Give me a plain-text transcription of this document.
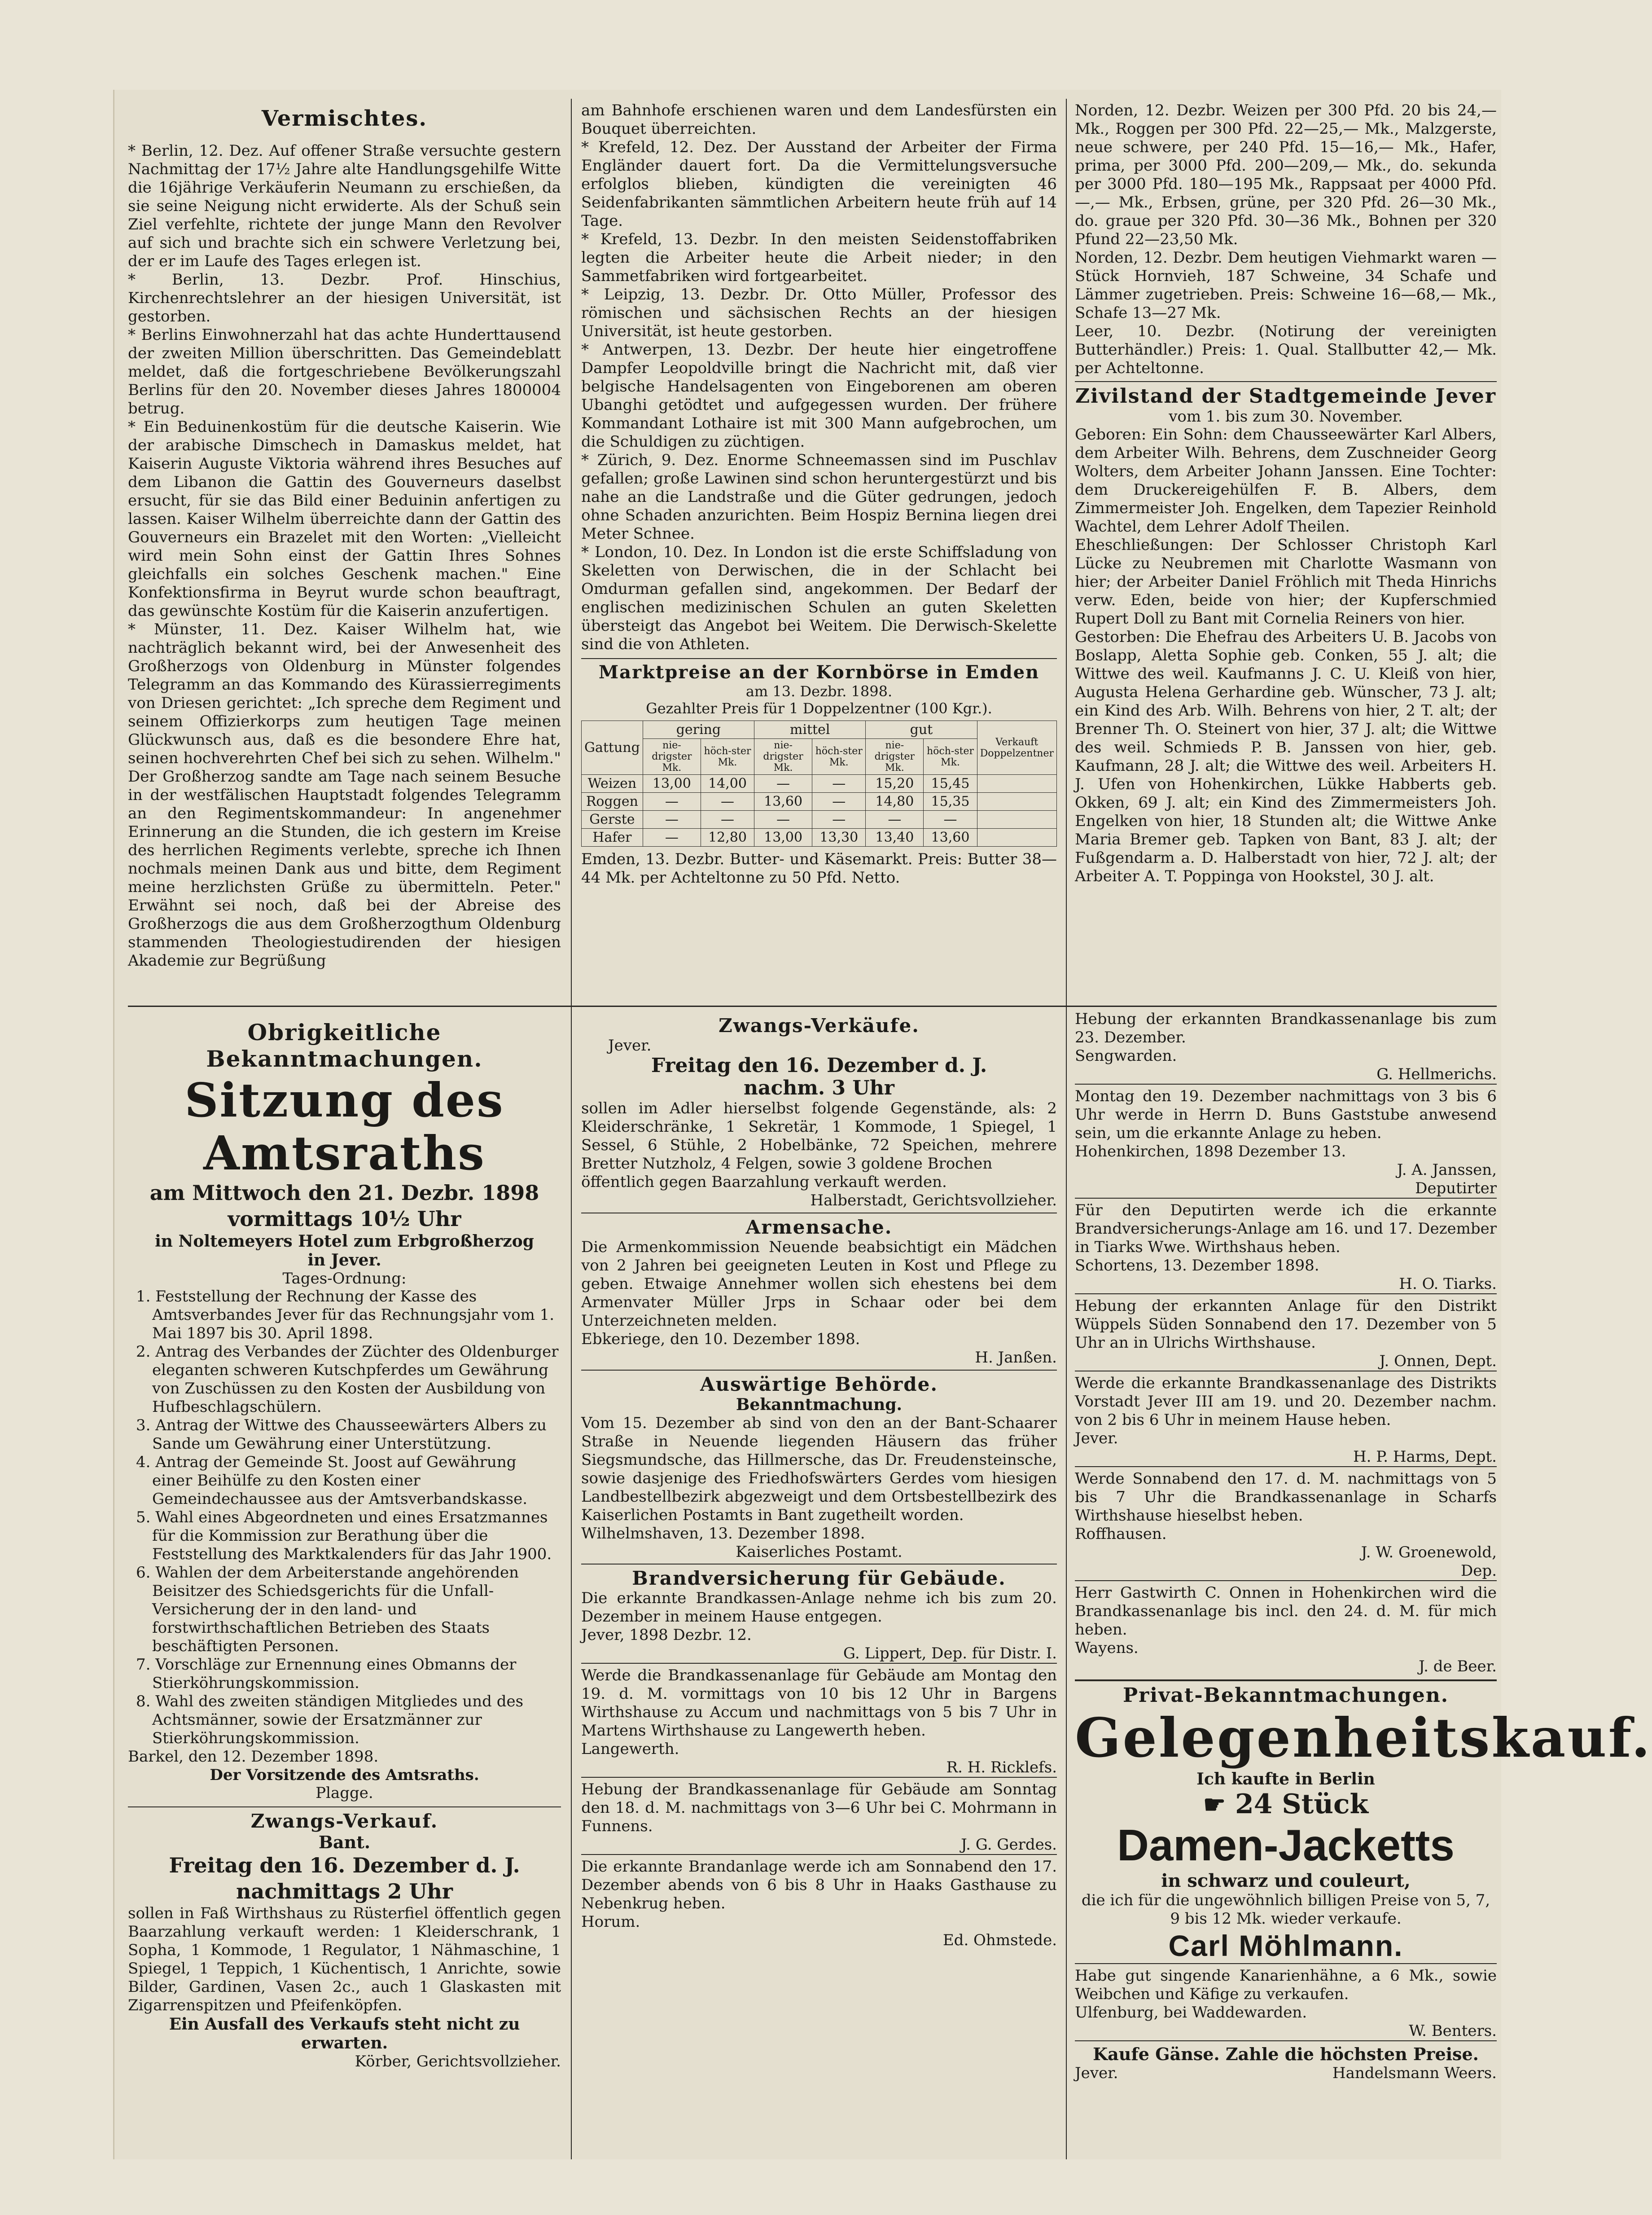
Vermischtes.

* Berlin, 12. Dez. Auf offener Straße versuchte gestern Nachmittag der 17½ Jahre alte Handlungsgehilfe Witte die 16jährige Verkäuferin Neumann zu erschießen, da sie seine Neigung nicht erwiderte. Als der Schuß sein Ziel verfehlte, richtete der junge Mann den Revolver auf sich und brachte sich ein schwere Verletzung bei, der er im Laufe des Tages erlegen ist.

* Berlin, 13. Dezbr. Prof. Hinschius, Kirchenrechtslehrer an der hiesigen Universität, ist gestorben.

* Berlins Einwohnerzahl hat das achte Hunderttausend der zweiten Million überschritten. Das Gemeindeblatt meldet, daß die fortgeschriebene Bevölkerungszahl Berlins für den 20. November dieses Jahres 1800004 betrug.

* Ein Beduinenkostüm für die deutsche Kaiserin. Wie der arabische Dimschech in Damaskus meldet, hat Kaiserin Auguste Viktoria während ihres Besuches auf dem Libanon die Gattin des Gouverneurs daselbst ersucht, für sie das Bild einer Beduinin anfertigen zu lassen. Kaiser Wilhelm überreichte dann der Gattin des Gouverneurs ein Brazelet mit den Worten: „Vielleicht wird mein Sohn einst der Gattin Ihres Sohnes gleichfalls ein solches Geschenk machen." Eine Konfektionsfirma in Beyrut wurde schon beauftragt, das gewünschte Kostüm für die Kaiserin anzufertigen.

* Münster, 11. Dez. Kaiser Wilhelm hat, wie nachträglich bekannt wird, bei der Anwesenheit des Großherzogs von Oldenburg in Münster folgendes Telegramm an das Kommando des Kürassierregiments von Driesen gerichtet: „Ich spreche dem Regiment und seinem Offizierkorps zum heutigen Tage meinen Glückwunsch aus, daß es die besondere Ehre hat, seinen hochverehrten Chef bei sich zu sehen. Wilhelm." Der Großherzog sandte am Tage nach seinem Besuche in der westfälischen Hauptstadt folgendes Telegramm an den Regimentskommandeur: In angenehmer Erinnerung an die Stunden, die ich gestern im Kreise des herrlichen Regiments verlebte, spreche ich Ihnen nochmals meinen Dank aus und bitte, dem Regiment meine herzlichsten Grüße zu übermitteln. Peter." Erwähnt sei noch, daß bei der Abreise des Großherzogs die aus dem Großherzogthum Oldenburg stammenden Theologiestudirenden der hiesigen Akademie zur Begrüßung

Obrigkeitliche Bekanntmachungen.
Sitzung des Amtsraths
am Mittwoch den 21. Dezbr. 1898
vormittags 10½ Uhr
in Noltemeyers Hotel zum Erbgroßherzog
in Jever.
Tages-Ordnung:

1. Feststellung der Rechnung der Kasse des Amtsverbandes Jever für das Rechnungsjahr vom 1. Mai 1897 bis 30. April 1898.

2. Antrag des Verbandes der Züchter des Oldenburger eleganten schweren Kutschpferdes um Gewährung von Zuschüssen zu den Kosten der Ausbildung von Hufbeschlagschülern.

3. Antrag der Wittwe des Chausseewärters Albers zu Sande um Gewährung einer Unterstützung.

4. Antrag der Gemeinde St. Joost auf Gewährung einer Beihülfe zu den Kosten einer Gemeindechaussee aus der Amtsverbandskasse.

5. Wahl eines Abgeordneten und eines Ersatzmannes für die Kommission zur Berathung über die Feststellung des Marktkalenders für das Jahr 1900.

6. Wahlen der dem Arbeiterstande angehörenden Beisitzer des Schiedsgerichts für die Unfall-Versicherung der in den land- und forstwirthschaftlichen Betrieben des Staats beschäftigten Personen.

7. Vorschläge zur Ernennung eines Obmanns der Stierköhrungskommission.

8. Wahl des zweiten ständigen Mitgliedes und des Achtsmänner, sowie der Ersatzmänner zur Stierköhrungskommission.

Barkel, den 12. Dezember 1898.
Der Vorsitzende des Amtsraths.
Plagge.
Zwangs-Verkauf.
Bant.
Freitag den 16. Dezember d. J.
nachmittags 2 Uhr

sollen in Faß Wirthshaus zu Rüsterfiel öffentlich gegen Baarzahlung verkauft werden: 1 Kleiderschrank, 1 Sopha, 1 Kommode, 1 Regulator, 1 Nähmaschine, 1 Spiegel, 1 Teppich, 1 Küchentisch, 1 Anrichte, sowie Bilder, Gardinen, Vasen 2c., auch 1 Glaskasten mit Zigarrenspitzen und Pfeifenköpfen.

Ein Ausfall des Verkaufs steht nicht zu erwarten.
Körber, Gerichtsvollzieher.

am Bahnhofe erschienen waren und dem Landesfürsten ein Bouquet überreichten.

* Krefeld, 12. Dez. Der Ausstand der Arbeiter der Firma Engländer dauert fort. Da die Vermittelungsversuche erfolglos blieben, kündigten die vereinigten 46 Seidenfabrikanten sämmtlichen Arbeitern heute früh auf 14 Tage.

* Krefeld, 13. Dezbr. In den meisten Seidenstoffabriken legten die Arbeiter heute die Arbeit nieder; in den Sammetfabriken wird fortgearbeitet.

* Leipzig, 13. Dezbr. Dr. Otto Müller, Professor des römischen und sächsischen Rechts an der hiesigen Universität, ist heute gestorben.

* Antwerpen, 13. Dezbr. Der heute hier eingetroffene Dampfer Leopoldville bringt die Nachricht mit, daß vier belgische Handelsagenten von Eingeborenen am oberen Ubanghi getödtet und aufgegessen wurden. Der frühere Kommandant Lothaire ist mit 300 Mann aufgebrochen, um die Schuldigen zu züchtigen.

* Zürich, 9. Dez. Enorme Schneemassen sind im Puschlav gefallen; große Lawinen sind schon heruntergestürzt und bis nahe an die Landstraße und die Güter gedrungen, jedoch ohne Schaden anzurichten. Beim Hospiz Bernina liegen drei Meter Schnee.

* London, 10. Dez. In London ist die erste Schiffsladung von Skeletten von Derwischen, die in der Schlacht bei Omdurman gefallen sind, angekommen. Der Bedarf der englischen medizinischen Schulen an guten Skeletten übersteigt das Angebot bei Weitem. Die Derwisch-Skelette sind die von Athleten.

Marktpreise an der Kornbörse in Emden
am 13. Dezbr. 1898.
Gezahlter Preis für 1 Doppelzentner (100 Kgr.).
Gattung	gering		mittel		gut		Verkauft Doppelzentner
	nie-drigster Mk.	höch-ster Mk.	nie-drigster Mk.	höch-ster Mk.	nie-drigster Mk.	höch-ster Mk.	
Weizen	13,00	14,00	—	—	15,20	15,45	
Roggen	—	—	13,60	—	14,80	15,35	
Gerste	—	—	—	—	—	—	
Hafer	—	12,80	13,00	13,30	13,40	13,60	

Emden, 13. Dezbr. Butter- und Käsemarkt. Preis: Butter 38—44 Mk. per Achteltonne zu 50 Pfd. Netto.

Zwangs-Verkäufe.
Jever.
Freitag den 16. Dezember d. J.
nachm. 3 Uhr

sollen im Adler hierselbst folgende Gegenstände, als: 2 Kleiderschränke, 1 Sekretär, 1 Kommode, 1 Spiegel, 1 Sessel, 6 Stühle, 2 Hobelbänke, 72 Speichen, mehrere Bretter Nutzholz, 4 Felgen, sowie 3 goldene Brochen

öffentlich gegen Baarzahlung verkauft werden.

Halberstadt, Gerichtsvollzieher.
Armensache.

Die Armenkommission Neuende beabsichtigt ein Mädchen von 2 Jahren bei geeigneten Leuten in Kost und Pflege zu geben. Etwaige Annehmer wollen sich ehestens bei dem Armenvater Müller Jrps in Schaar oder bei dem Unterzeichneten melden.

Ebkeriege, den 10. Dezember 1898.

H. Janßen.
Auswärtige Behörde.
Bekanntmachung.

Vom 15. Dezember ab sind von den an der Bant-Schaarer Straße in Neuende liegenden Häusern das früher Siegsmundsche, das Hillmersche, das Dr. Freudensteinsche, sowie dasjenige des Friedhofswärters Gerdes vom hiesigen Landbestellbezirk abgezweigt und dem Ortsbestellbezirk des Kaiserlichen Postamts in Bant zugetheilt worden.

Wilhelmshaven, 13. Dezember 1898.

Kaiserliches Postamt.
Brandversicherung für Gebäude.

Die erkannte Brandkassen-Anlage nehme ich bis zum 20. Dezember in meinem Hause entgegen.

Jever, 1898 Dezbr. 12.

G. Lippert, Dep. für Distr. I.

Werde die Brandkassenanlage für Gebäude am Montag den 19. d. M. vormittags von 10 bis 12 Uhr in Bargens Wirthshause zu Accum und nachmittags von 5 bis 7 Uhr in Martens Wirthshause zu Langewerth heben.

Langewerth.

R. H. Ricklefs.

Hebung der Brandkassenanlage für Gebäude am Sonntag den 18. d. M. nachmittags von 3—6 Uhr bei C. Mohrmann in Funnens.

J. G. Gerdes.

Die erkannte Brandanlage werde ich am Sonnabend den 17. Dezember abends von 6 bis 8 Uhr in Haaks Gasthause zu Nebenkrug heben.

Horum.

Ed. Ohmstede.

Norden, 12. Dezbr. Weizen per 300 Pfd. 20 bis 24,— Mk., Roggen per 300 Pfd. 22—25,— Mk., Malzgerste, neue schwere, per 240 Pfd. 15—16,— Mk., Hafer, prima, per 3000 Pfd. 200—209,— Mk., do. sekunda per 3000 Pfd. 180—195 Mk., Rappsaat per 4000 Pfd. —,— Mk., Erbsen, grüne, per 320 Pfd. 26—30 Mk., do. graue per 320 Pfd. 30—36 Mk., Bohnen per 320 Pfund 22—23,50 Mk.

Norden, 12. Dezbr. Dem heutigen Viehmarkt waren — Stück Hornvieh, 187 Schweine, 34 Schafe und Lämmer zugetrieben. Preis: Schweine 16—68,— Mk., Schafe 13—27 Mk.

Leer, 10. Dezbr. (Notirung der vereinigten Butterhändler.) Preis: 1. Qual. Stallbutter 42,— Mk. per Achteltonne.

Zivilstand der Stadtgemeinde Jever
vom 1. bis zum 30. November.

Geboren: Ein Sohn: dem Chausseewärter Karl Albers, dem Arbeiter Wilh. Behrens, dem Zuschneider Georg Wolters, dem Arbeiter Johann Janssen. Eine Tochter: dem Druckereigehülfen F. B. Albers, dem Zimmermeister Joh. Engelken, dem Tapezier Reinhold Wachtel, dem Lehrer Adolf Theilen.

Eheschließungen: Der Schlosser Christoph Karl Lücke zu Neubremen mit Charlotte Wasmann von hier; der Arbeiter Daniel Fröhlich mit Theda Hinrichs verw. Eden, beide von hier; der Kupferschmied Rupert Doll zu Bant mit Cornelia Reiners von hier.

Gestorben: Die Ehefrau des Arbeiters U. B. Jacobs von Boslapp, Aletta Sophie geb. Conken, 55 J. alt; die Wittwe des weil. Kaufmanns J. C. U. Kleiß von hier, Augusta Helena Gerhardine geb. Wünscher, 73 J. alt; ein Kind des Arb. Wilh. Behrens von hier, 2 T. alt; der Brenner Th. O. Steinert von hier, 37 J. alt; die Wittwe des weil. Schmieds P. B. Janssen von hier, geb. Kaufmann, 28 J. alt; die Wittwe des weil. Arbeiters H. J. Ufen von Hohenkirchen, Lükke Habberts geb. Okken, 69 J. alt; ein Kind des Zimmermeisters Joh. Engelken von hier, 18 Stunden alt; die Wittwe Anke Maria Bremer geb. Tapken von Bant, 83 J. alt; der Fußgendarm a. D. Halberstadt von hier, 72 J. alt; der Arbeiter A. T. Poppinga von Hookstel, 30 J. alt.

Hebung der erkannten Brandkassenanlage bis zum 23. Dezember.

Sengwarden.

G. Hellmerichs.

Montag den 19. Dezember nachmittags von 3 bis 6 Uhr werde in Herrn D. Buns Gaststube anwesend sein, um die erkannte Anlage zu heben.

Hohenkirchen, 1898 Dezember 13.

J. A. Janssen,
Deputirter

Für den Deputirten werde ich die erkannte Brandversicherungs-Anlage am 16. und 17. Dezember in Tiarks Wwe. Wirthshaus heben.

Schortens, 13. Dezember 1898.

H. O. Tiarks.

Hebung der erkannten Anlage für den Distrikt Wüppels Süden Sonnabend den 17. Dezember von 5 Uhr an in Ulrichs Wirthshause.

J. Onnen, Dept.

Werde die erkannte Brandkassenanlage des Distrikts Vorstadt Jever III am 19. und 20. Dezember nachm. von 2 bis 6 Uhr in meinem Hause heben.

Jever.

H. P. Harms, Dept.

Werde Sonnabend den 17. d. M. nachmittags von 5 bis 7 Uhr die Brandkassenanlage in Scharfs Wirthshause hieselbst heben.

Roffhausen.

J. W. Groenewold,
Dep.

Herr Gastwirth C. Onnen in Hohenkirchen wird die Brandkassenanlage bis incl. den 24. d. M. für mich heben.

Wayens.

J. de Beer.
Privat-Bekanntmachungen.
Gelegenheitskauf.
Ich kaufte in Berlin
☛ 24 Stück
Damen-Jacketts
in schwarz und couleurt,

die ich für die ungewöhnlich billigen Preise von 5, 7, 9 bis 12 Mk. wieder verkaufe.

Carl Möhlmann.

Habe gut singende Kanarienhähne, a 6 Mk., sowie Weibchen und Käfige zu verkaufen.

Ulfenburg, bei Waddewarden.

W. Benters.
Kaufe Gänse. Zahle die höchsten Preise.
Jever.	Handelsmann Weers.
